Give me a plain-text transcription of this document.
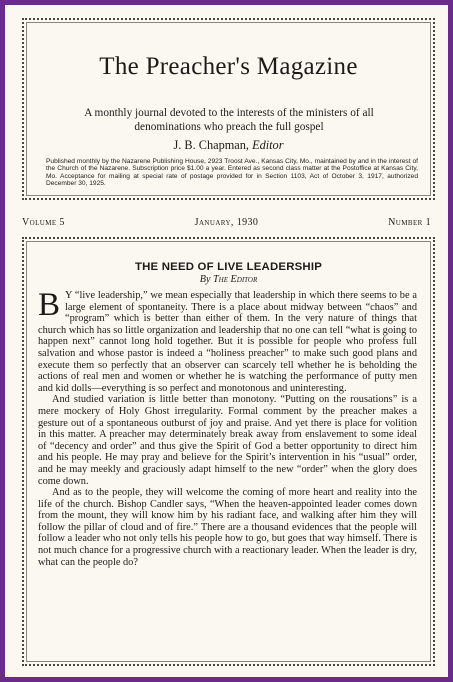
The Preacher's Magazine
A monthly journal devoted to the interests of the ministers of all denominations who preach the full gospel
J. B. Chapman, Editor
Published monthly by the Nazarene Publishing House, 2923 Troost Ave., Kansas City, Mo., maintained by and in the interest of the Church of the Nazarene. Subscription price $1.00 a year. Entered as second class matter at the Postoffice at Kansas City, Mo. Acceptance for mailing at special rate of postage provided for in Section 1103, Act of October 3, 1917, authorized December 30, 1925.
Volume 5	January, 1930	Number 1
THE NEED OF LIVE LEADERSHIP
By The Editor

B Y “live leadership,” we mean especially that leadership in which there seems to be a large element of spontaneity. There is a place about midway between “chaos” and “program” which is better than either of them. In the very nature of things that church which has so little organization and leadership that no one can tell “what is going to happen next” cannot long hold together. But it is possible for people who profess full salvation and whose pastor is indeed a “holiness preacher” to make such good plans and execute them so perfectly that an observer can scarcely tell whether he is beholding the actions of real men and women or whether he is watching the performance of putty men and kid dolls—everything is so perfect and monotonous and uninteresting.

And studied variation is little better than monotony. “Putting on the rousations” is a mere mockery of Holy Ghost irregularity. Formal comment by the preacher makes a gesture out of a spontaneous outburst of joy and praise. And yet there is place for volition in this matter. A preacher may determinately break away from enslavement to some ideal of “decency and order” and thus give the Spirit of God a better opportunity to direct him and his people. He may pray and believe for the Spirit’s intervention in his “usual” order, and he may meekly and graciously adapt himself to the new “order” when the glory does come down.

And as to the people, they will welcome the coming of more heart and reality into the life of the church. Bishop Candler says, “When the heaven-appointed leader comes down from the mount, they will know him by his radiant face, and walking after him they will follow the pillar of cloud and of fire.” There are a thousand evidences that the people will follow a leader who not only tells his people how to go, but goes that way himself. There is not much chance for a progressive church with a reactionary leader. When the leader is dry, what can the people do?
